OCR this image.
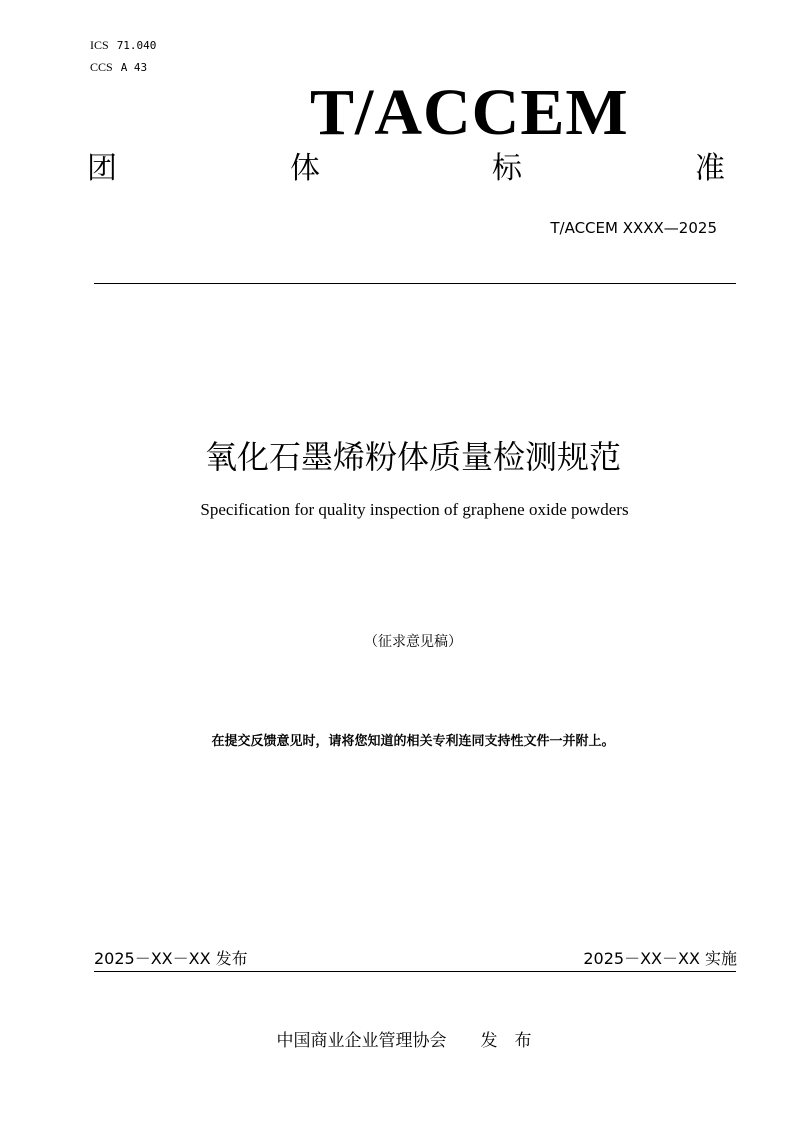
ICS 71.040
CCS A 43
T/ACCEM
团	体	标	准
T/ACCEM XXXX—2025
氧化石墨烯粉体质量检测规范
Specification for quality inspection of graphene oxide powders
（征求意见稿）
在提交反馈意见时，请将您知道的相关专利连同支持性文件一并附上。
2025－XX－XX 发布	2025－XX－XX 实施
中国商业企业管理协会　　发　布
